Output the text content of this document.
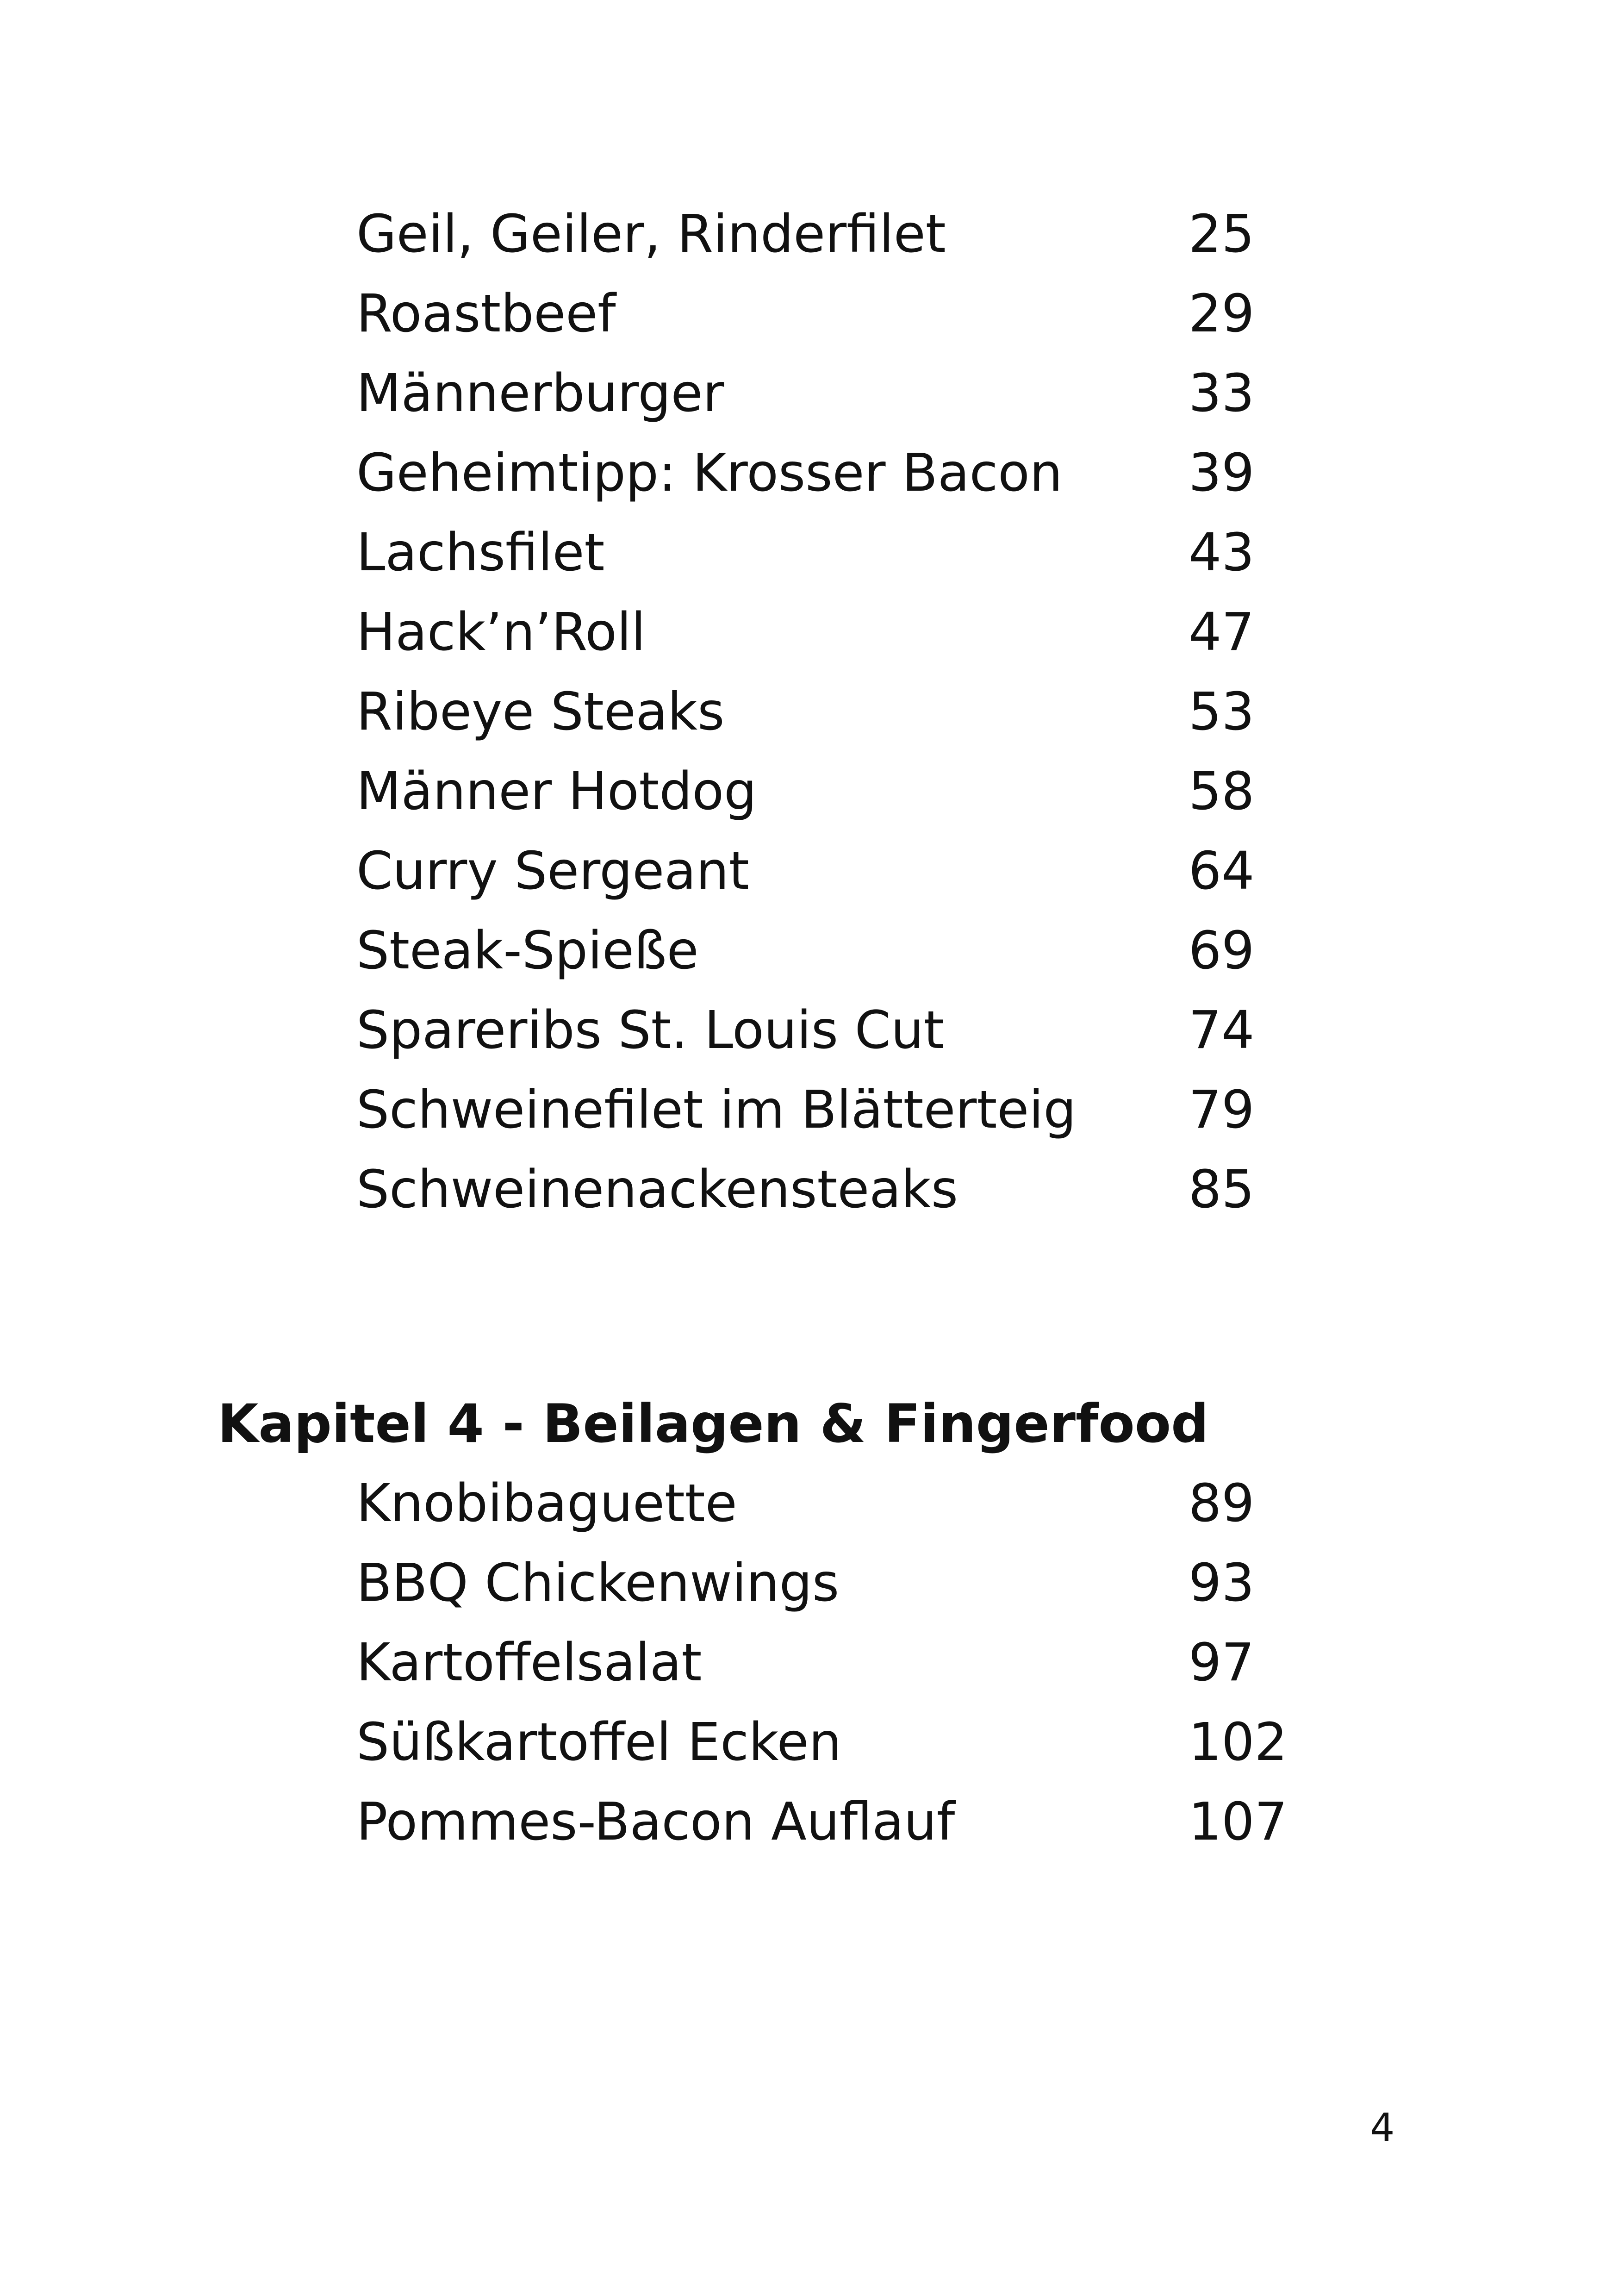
Geil, Geiler, Rinderfilet	25
Roastbeef	29
Männerburger	33
Geheimtipp: Krosser Bacon 39
Lachsfilet	43
Hack’n’Roll	47
Ribeye Steaks	53
Männer Hotdog	58
Curry Sergeant	64
Steak-Spieße	69
Spareribs St. Louis Cut	74
Schweinefilet im Blätterteig 79
Schweinenackensteaks	85
Kapitel 4 - Beilagen & Fingerfood
Knobibaguette	89
BBQ Chickenwings	93
Kartoffelsalat	97
Süßkartoffel Ecken	102
Pommes-Bacon Auflauf	107
4
